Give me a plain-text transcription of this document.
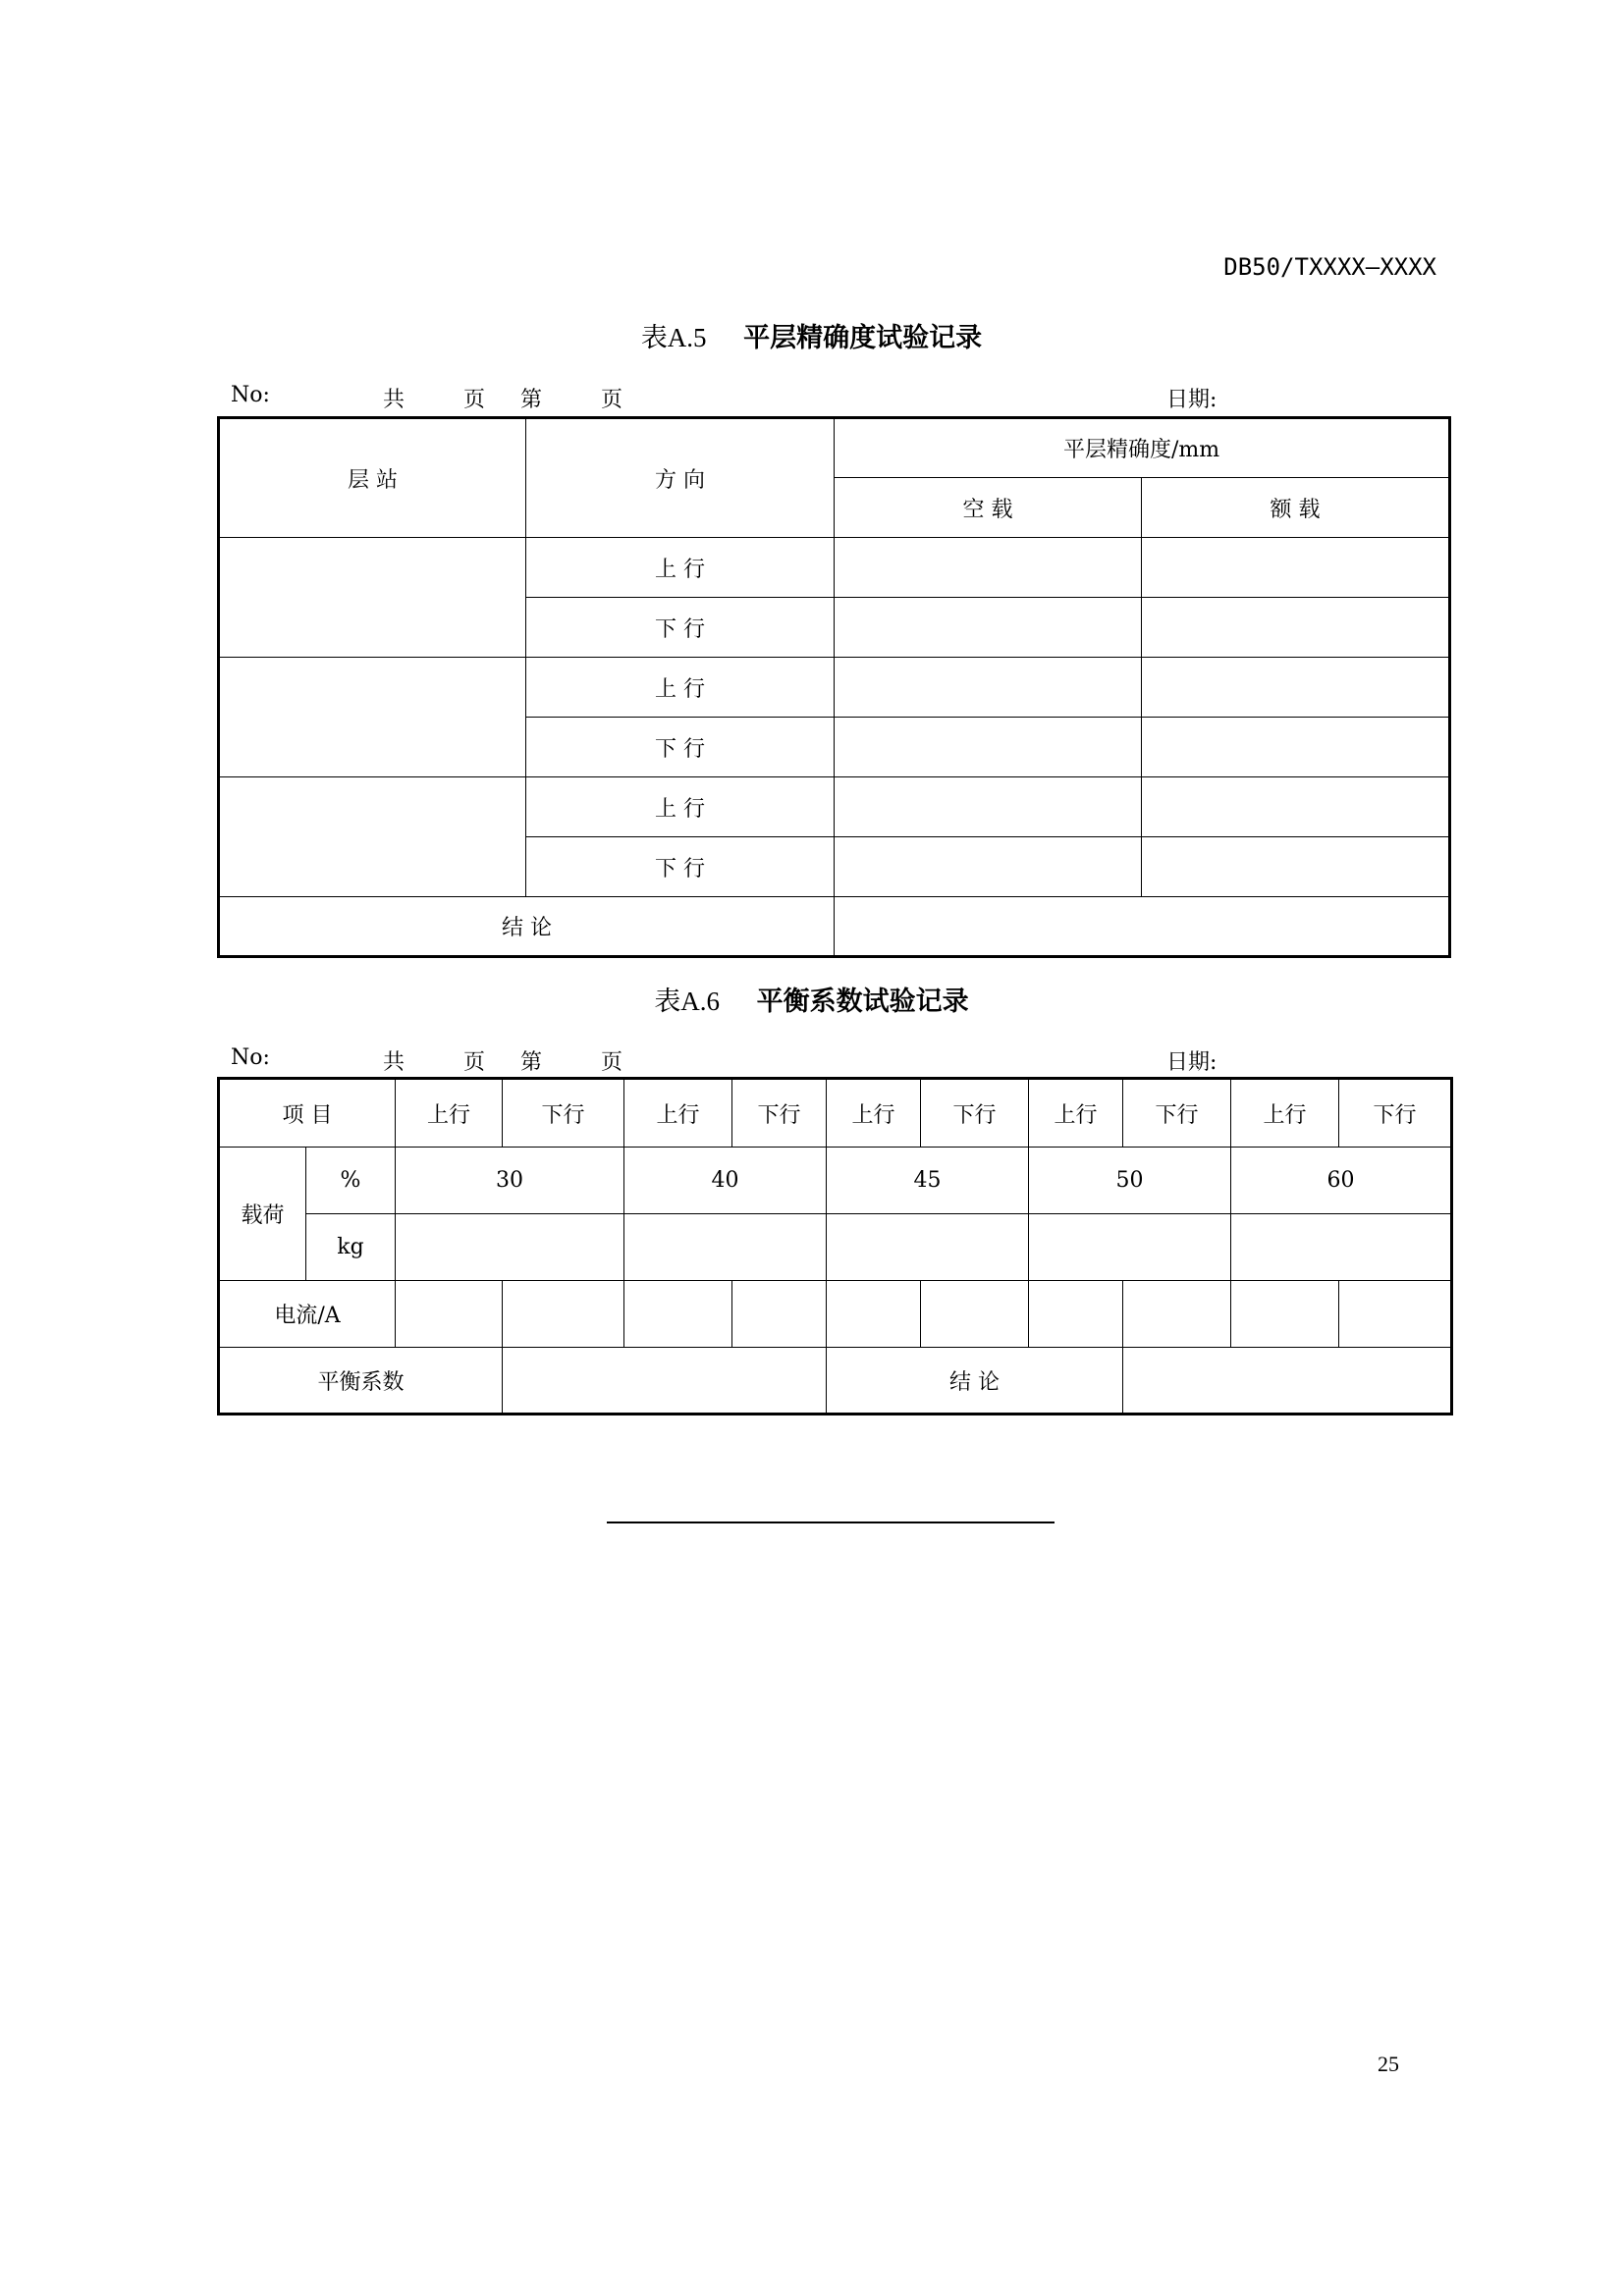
DB50/TXXXX—XXXX
表A.5 平层精确度试验记录
No:	共	页 第	页	日期:
层 站	方 向	平层精确度/mm	
		空 载	额 载
	上 行		
	下 行		
	上 行		
	下 行		
	上 行		
	下 行		
结 论			
表A.6 平衡系数试验记录
No:	共	页 第	页	日期:
项 目		上行	下行	上行	下行	上行	下行	上行	下行	上行	下行
载荷	%	30		40		45		50		60	
	kg										
电流/A											
平衡系数						结 论					
25
